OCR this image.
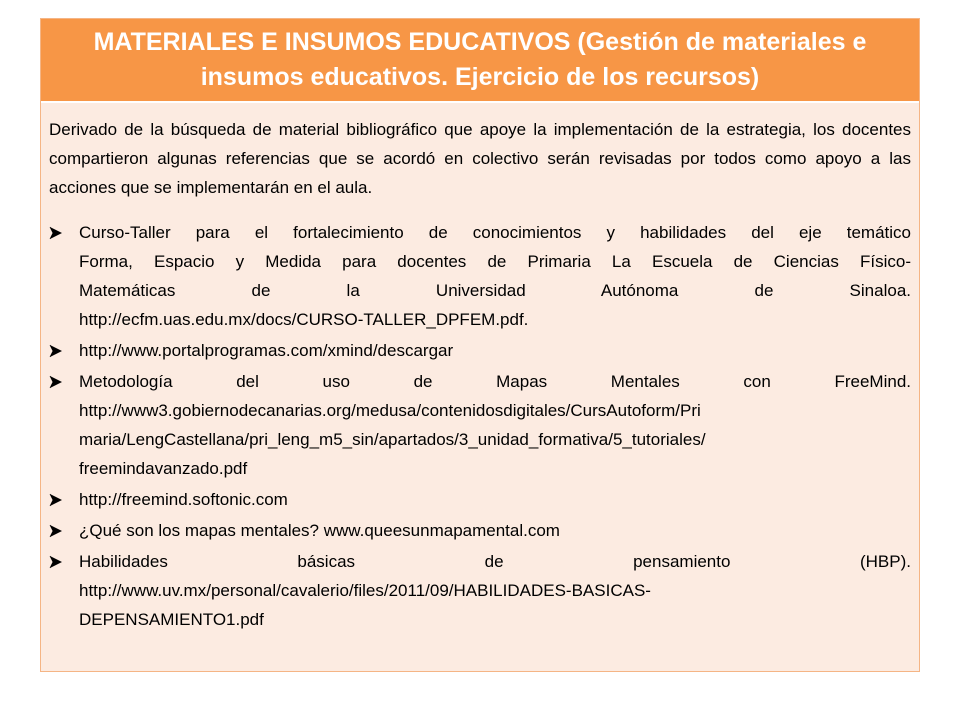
MATERIALES E INSUMOS EDUCATIVOS (Gestión de materiales e
insumos educativos. Ejercicio de los recursos)

Derivado de la búsqueda de material bibliográfico que apoye la implementación de la estrategia, los docentes compartieron algunas referencias que se acordó en colectivo serán revisadas por todos como apoyo a las acciones que se implementarán en el aula.

Curso-Taller para el fortalecimiento de conocimientos y habilidades del eje temático
Forma, Espacio y Medida para docentes de Primaria La Escuela de Ciencias Físico-
Matemáticas de la Universidad Autónoma de Sinaloa.
http://ecfm.uas.edu.mx/docs/CURSO-TALLER_DPFEM.pdf.
http://www.portalprogramas.com/xmind/descargar
Metodología del uso de Mapas Mentales con FreeMind.
http://www3.gobiernodecanarias.org/medusa/contenidosdigitales/CursAutoform/Pri
maria/LengCastellana/pri_leng_m5_sin/apartados/3_unidad_formativa/5_tutoriales/
freemindavanzado.pdf
http://freemind.softonic.com
¿Qué son los mapas mentales? www.queesunmapamental.com
Habilidades básicas de pensamiento (HBP).
http://www.uv.mx/personal/cavalerio/files/2011/09/HABILIDADES-BASICAS-
DEPENSAMIENTO1.pdf
